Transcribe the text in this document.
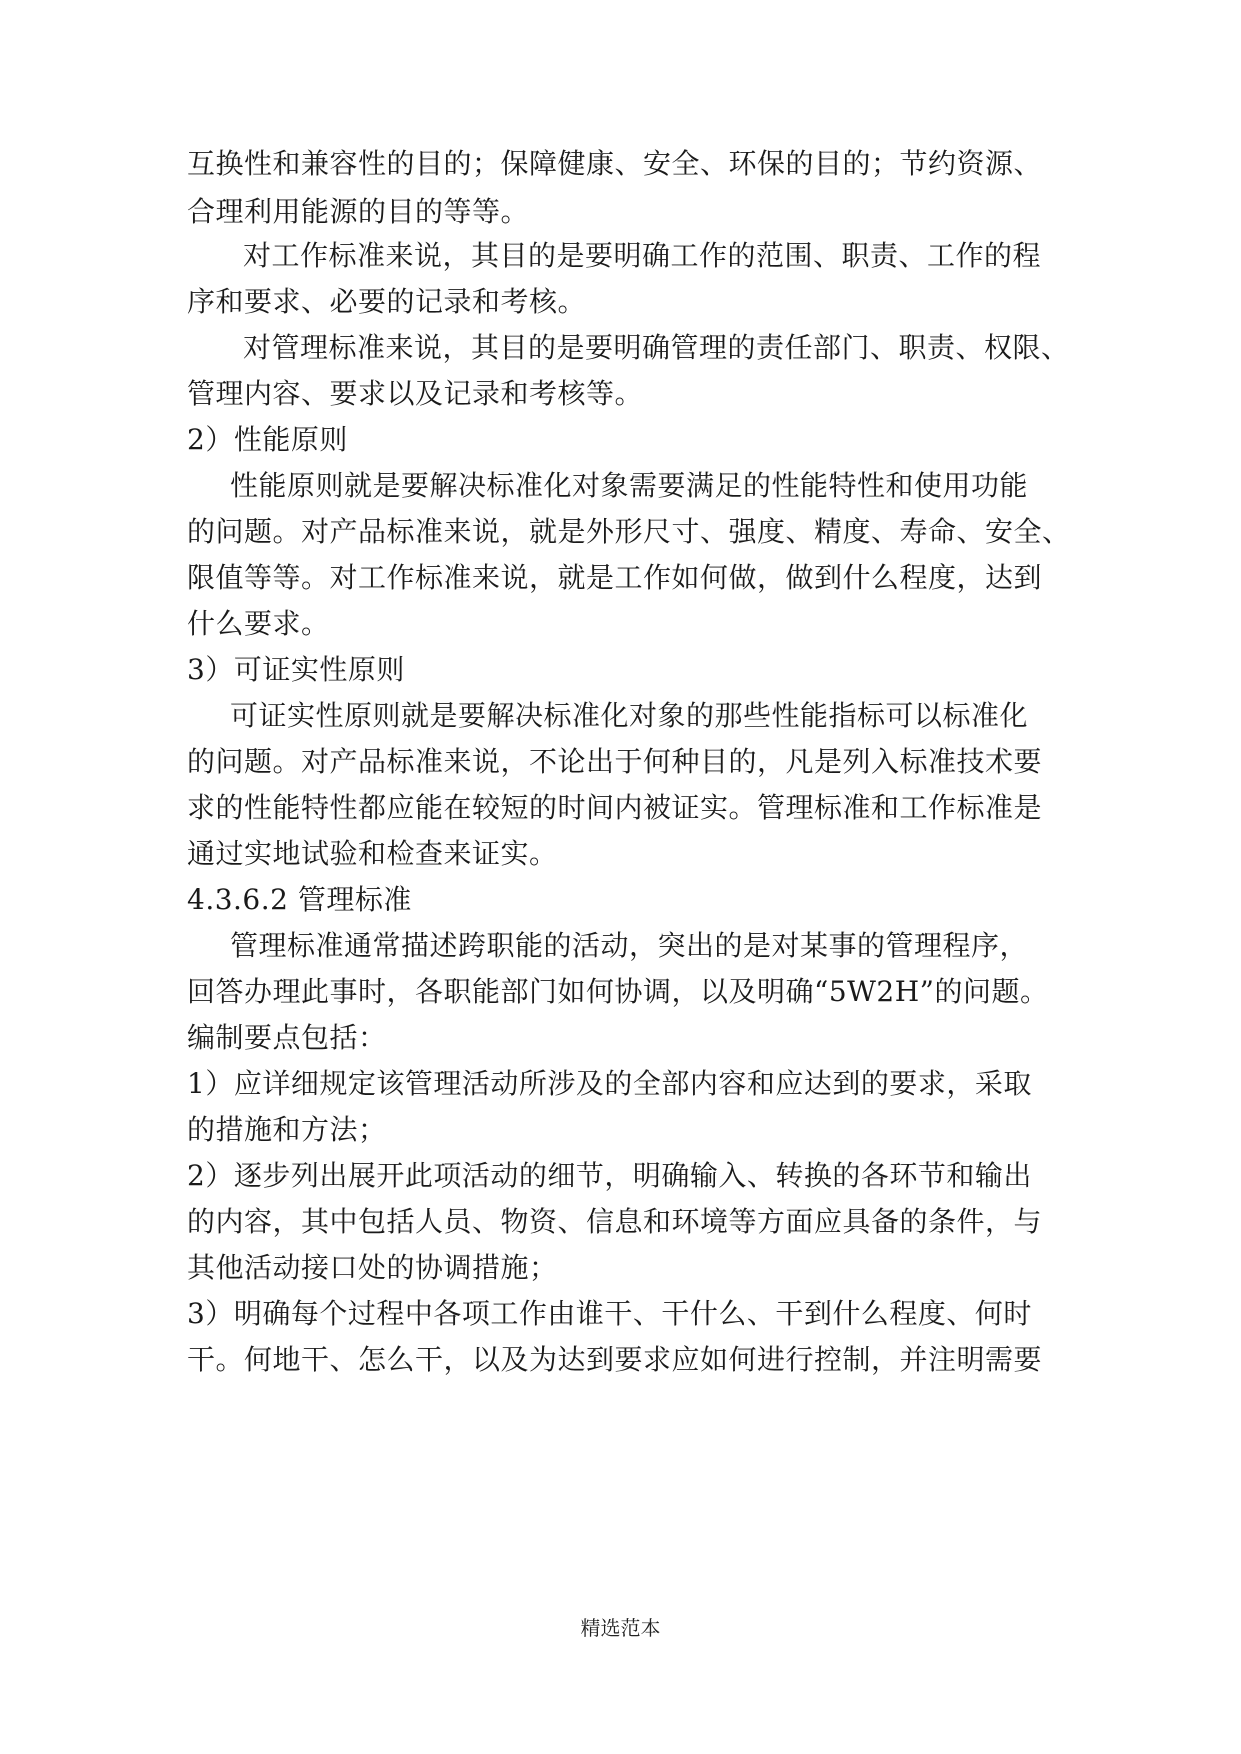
互换性和兼容性的目的；保障健康、安全、环保的目的；节约资源、
合理利用能源的目的等等。
对工作标准来说，其目的是要明确工作的范围、职责、工作的程
序和要求、必要的记录和考核。
对管理标准来说，其目的是要明确管理的责任部门、职责、权限、
管理内容、要求以及记录和考核等。
2）性能原则
性能原则就是要解决标准化对象需要满足的性能特性和使用功能
的问题。对产品标准来说，就是外形尺寸、强度、精度、寿命、安全、
限值等等。对工作标准来说，就是工作如何做，做到什么程度，达到
什么要求。
3）可证实性原则
可证实性原则就是要解决标准化对象的那些性能指标可以标准化
的问题。对产品标准来说，不论出于何种目的，凡是列入标准技术要
求的性能特性都应能在较短的时间内被证实。管理标准和工作标准是
通过实地试验和检查来证实。
4.3.6.2 管理标准
管理标准通常描述跨职能的活动，突出的是对某事的管理程序，
回答办理此事时，各职能部门如何协调，以及明确“5W2H”的问题。
编制要点包括：
1）应详细规定该管理活动所涉及的全部内容和应达到的要求，采取
的措施和方法；
2）逐步列出展开此项活动的细节，明确输入、转换的各环节和输出
的内容，其中包括人员、物资、信息和环境等方面应具备的条件，与
其他活动接口处的协调措施；
3）明确每个过程中各项工作由谁干、干什么、干到什么程度、何时
干。何地干、怎么干，以及为达到要求应如何进行控制，并注明需要
精选范本
